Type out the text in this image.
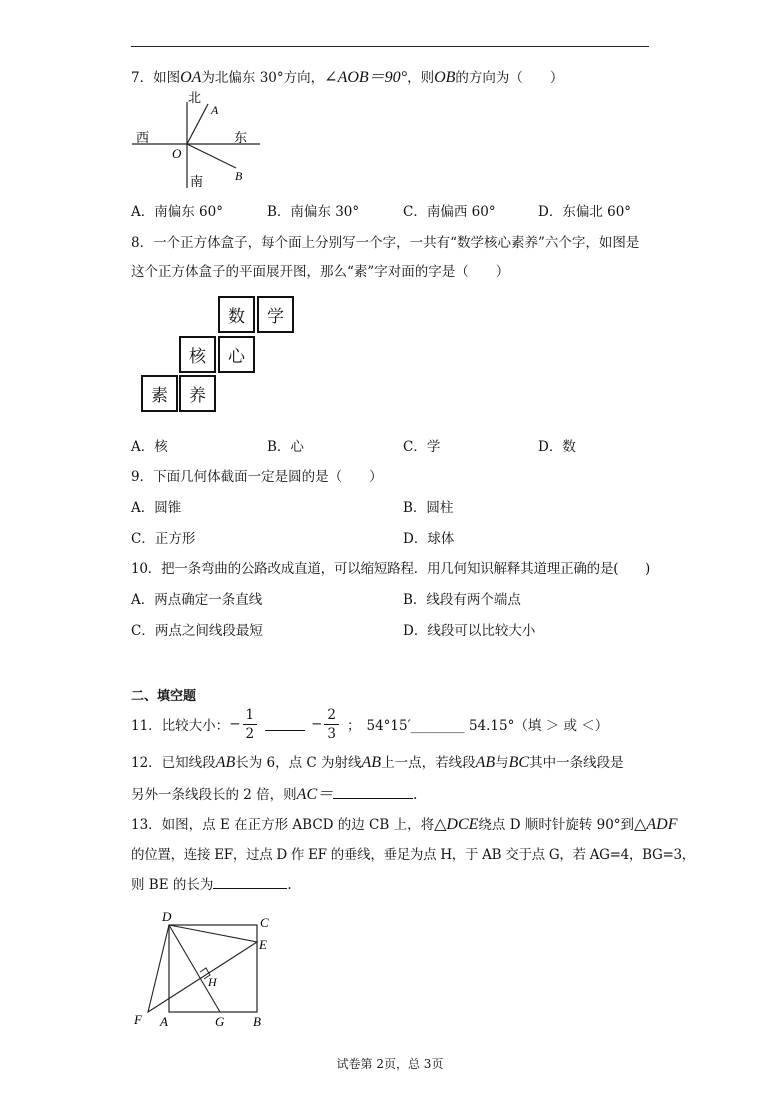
7．如图OA为北偏东 30°方向，∠AOB＝90°，则OB的方向为（　　）
北
南
西	东
O
A
B
A．南偏东 60°	B．南偏东 30°	C．南偏西 60°	D．东偏北 60°
8．一个正方体盒子，每个面上分别写一个字，一共有“数学核心素养”六个字，如图是
这个正方体盒子的平面展开图，那么“素”字对面的字是（　　）
数	学
核	心
素	养
A．核	B．心	C．学	D．数
9．下面几何体截面一定是圆的是（　　）
A．圆锥	B．圆柱
C．正方形	D．球体
10．把一条弯曲的公路改成直道，可以缩短路程．用几何知识解释其道理正确的是(　　)
A．两点确定一条直线	B．线段有两个端点
C．两点之间线段最短	D．线段可以比较大小
二、填空题
11．比较大小： − $\frac{1}{2}$	− $\frac{2}{3}$ ； 54°15′________ 54.15°（填 ＞ 或 ＜）
12．已知线段AB长为 6，点 C 为射线AB上一点，若线段AB与BC其中一条线段是
另外一条线段长的 2 倍，则AC＝	.
13．如图，点 E 在正方形 ABCD 的边 CB 上，将△DCE绕点 D 顺时针旋转 90°到△ADF
的位置，连接 EF，过点 D 作 EF 的垂线，垂足为点 H，于 AB 交于点 G，若 AG=4，BG=3，
则 BE 的长为	.
D	C
E
H
F A	G B
试卷第 2页，总 3页
